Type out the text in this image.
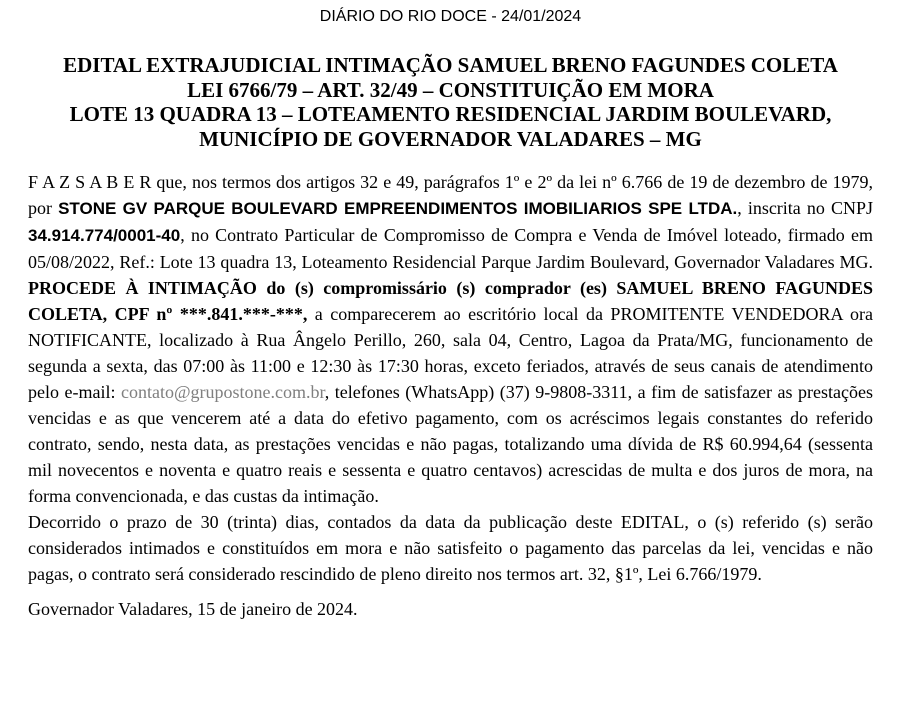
DIÁRIO DO RIO DOCE - 24/01/2024
EDITAL EXTRAJUDICIAL INTIMAÇÃO SAMUEL BRENO FAGUNDES COLETA
LEI 6766/79 – ART. 32/49 – CONSTITUIÇÃO EM MORA
LOTE 13 QUADRA 13 – LOTEAMENTO RESIDENCIAL JARDIM BOULEVARD,
MUNICÍPIO DE GOVERNADOR VALADARES – MG

F A Z S A B E R que, nos termos dos artigos 32 e 49, parágrafos 1º e 2º da lei nº 6.766 de 19 de dezembro de 1979, por STONE GV PARQUE BOULEVARD EMPREENDIMENTOS IMOBILIARIOS SPE LTDA., inscrita no CNPJ 34.914.774/0001-40, no Contrato Particular de Compromisso de Compra e Venda de Imóvel loteado, firmado em 05/08/2022, Ref.: Lote 13 quadra 13, Loteamento Residencial Parque Jardim Boulevard, Governador Valadares MG. PROCEDE À INTIMAÇÃO do (s) compromissário (s) comprador (es) SAMUEL BRENO FAGUNDES COLETA, CPF nº ***.841.***-***, a comparecerem ao escritório local da PROMITENTE VENDEDORA ora NOTIFICANTE, localizado à Rua Ângelo Perillo, 260, sala 04, Centro, Lagoa da Prata/MG, funcionamento de segunda a sexta, das 07:00 às 11:00 e 12:30 às 17:30 horas, exceto feriados, através de seus canais de atendimento pelo e-mail: contato@grupostone.com.br, telefones (WhatsApp) (37) 9-9808-3311, a fim de satisfazer as prestações vencidas e as que vencerem até a data do efetivo pagamento, com os acréscimos legais constantes do referido contrato, sendo, nesta data, as prestações vencidas e não pagas, totalizando uma dívida de R$ 60.994,64 (sessenta mil novecentos e noventa e quatro reais e sessenta e quatro centavos) acrescidas de multa e dos juros de mora, na forma convencionada, e das custas da intimação.

Decorrido o prazo de 30 (trinta) dias, contados da data da publicação deste EDITAL, o (s) referido (s) serão considerados intimados e constituídos em mora e não satisfeito o pagamento das parcelas da lei, vencidas e não pagas, o contrato será considerado rescindido de pleno direito nos termos art. 32, §1º, Lei 6.766/1979.

Governador Valadares, 15 de janeiro de 2024.
